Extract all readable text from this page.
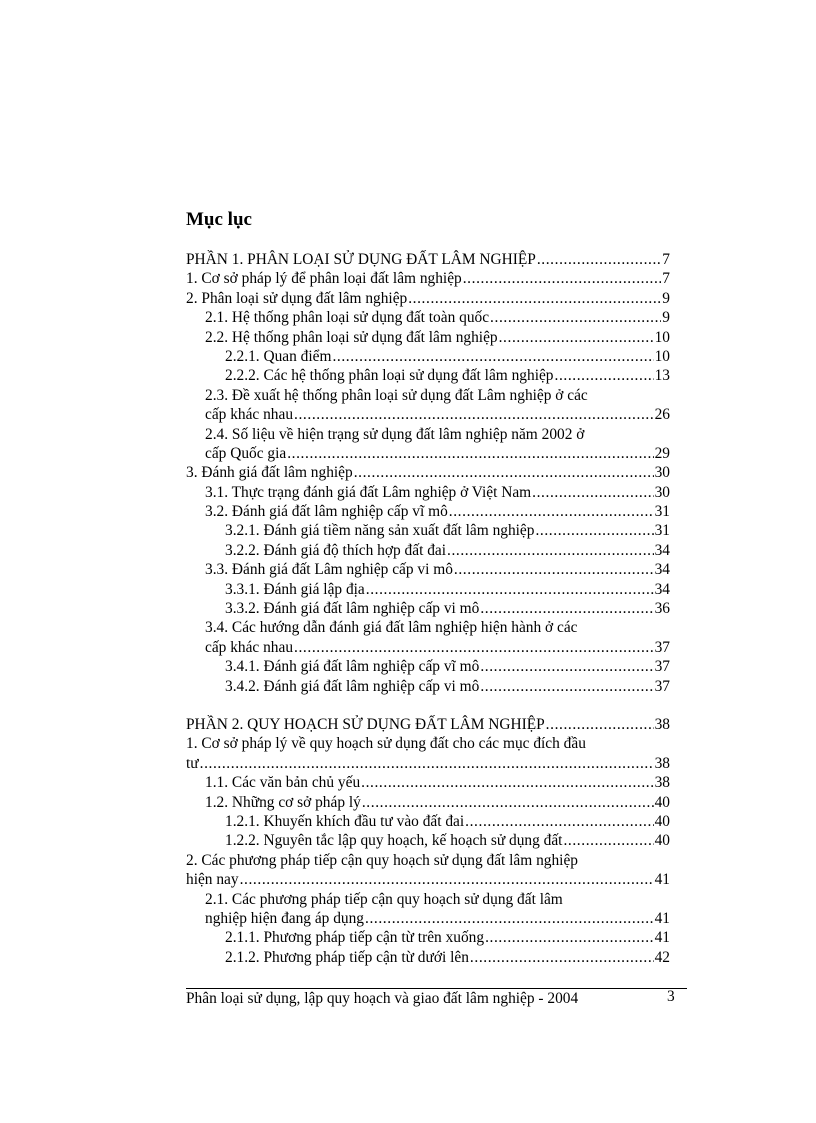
Mục lục
PHẦN 1. PHÂN LOẠI SỬ DỤNG ĐẤT LÂM NGHIỆP .....	7
1. Cơ sở pháp lý để phân loại đất lâm nghiệp .....	7
2. Phân loại sử dụng đất lâm nghiệp .....	9
2.1. Hệ thống phân loại sử dụng đất toàn quốc .....	9
2.2. Hệ thống phân loại sử dụng đất lâm nghiệp .....	10
2.2.1. Quan điểm .....	10
2.2.2. Các hệ thống phân loại sử dụng đất lâm nghiệp .....	13
2.3. Đề xuất hệ thống phân loại sử dụng đất Lâm nghiệp ở các
cấp khác nhau .....	26
2.4. Số liệu về hiện trạng sử dụng đất lâm nghiệp năm 2002 ở
cấp Quốc gia .....	29
3. Đánh giá đất lâm nghiệp .....	30
3.1. Thực trạng đánh giá đất Lâm nghiệp ở Việt Nam .....	30
3.2. Đánh giá đất lâm nghiệp cấp vĩ mô .....	31
3.2.1. Đánh giá tiềm năng sản xuất đất lâm nghiệp .....	31
3.2.2. Đánh giá độ thích hợp đất đai .....	34
3.3. Đánh giá đất Lâm nghiệp cấp vi mô .....	34
3.3.1. Đánh giá lập địa .....	34
3.3.2. Đánh giá đất lâm nghiệp cấp vi mô .....	36
3.4. Các hướng dẫn đánh giá đất lâm nghiệp hiện hành ở các
cấp khác nhau .....	37
3.4.1. Đánh giá đất lâm nghiệp cấp vĩ mô .....	37
3.4.2. Đánh giá đất lâm nghiệp cấp vi mô .....	37
PHẦN 2. QUY HOẠCH SỬ DỤNG ĐẤT LÂM NGHIỆP .....	38
1. Cơ sở pháp lý về quy hoạch sử dụng đất cho các mục đích đầu
tư .....	38
1.1. Các văn bản chủ yếu .....	38
1.2. Những cơ sở pháp lý .....	40
1.2.1. Khuyến khích đầu tư vào đất đai .....	40
1.2.2. Nguyên tắc lập quy hoạch, kế hoạch sử dụng đất .....	40
2. Các phương pháp tiếp cận quy hoạch sử dụng đất lâm nghiệp
hiện nay .....	41
2.1. Các phương pháp tiếp cận quy hoạch sử dụng đất lâm
nghiệp hiện đang áp dụng .....	41
2.1.1. Phương pháp tiếp cận từ trên xuống .....	41
2.1.2. Phương pháp tiếp cận từ dưới lên .....	42
Phân loại sử dụng, lập quy hoạch và giao đất lâm nghiệp - 2004	3
